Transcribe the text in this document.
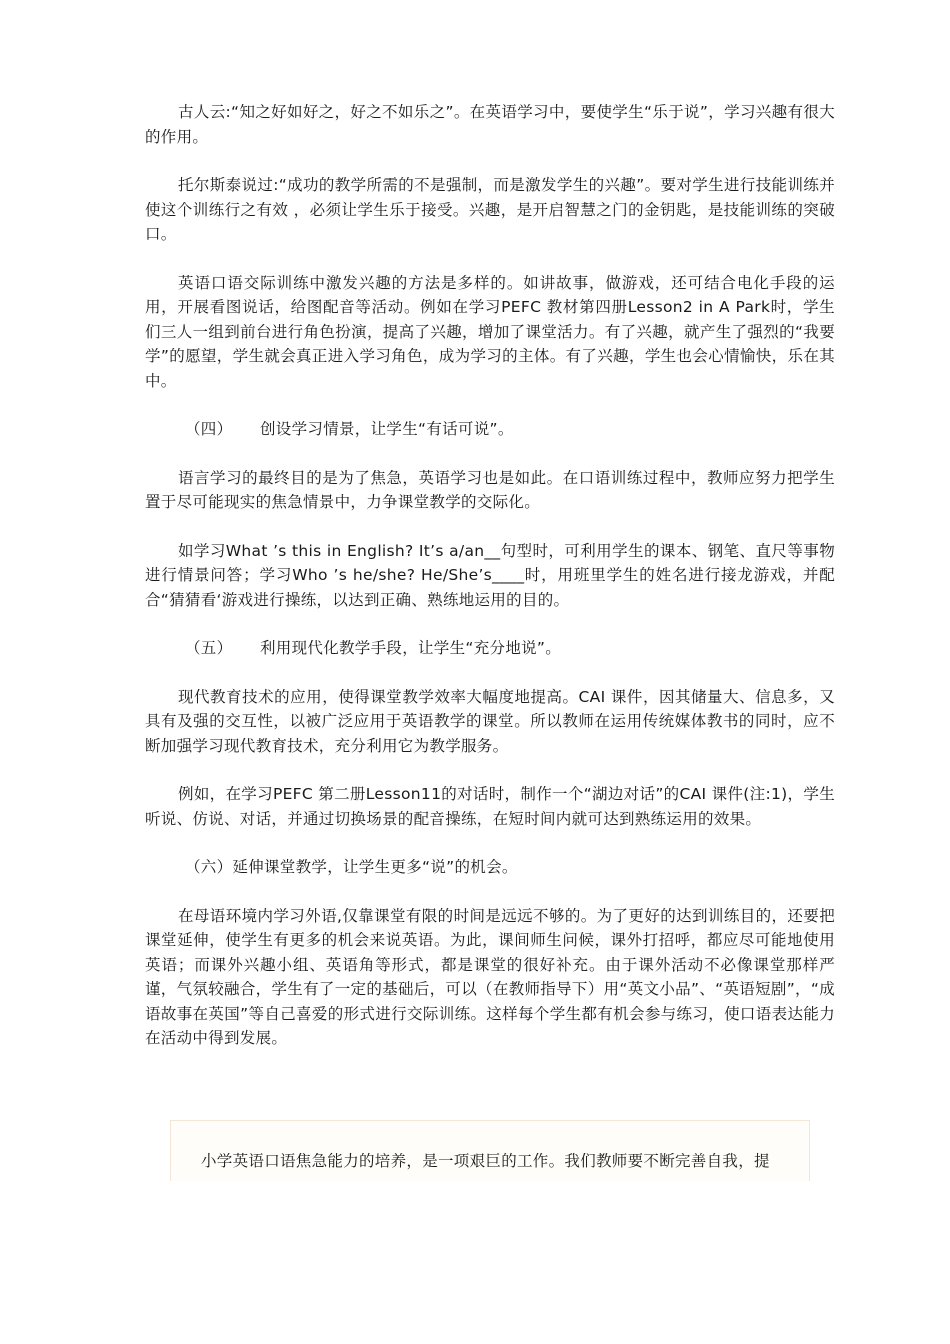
古人云:“知之好如好之，好之不如乐之”。在英语学习中，要使学生“乐于说”，学习兴趣有很大的作用。

托尔斯泰说过:“成功的教学所需的不是强制，而是激发学生的兴趣”。要对学生进行技能训练并使这个训练行之有效 ，必须让学生乐于接受。兴趣，是开启智慧之门的金钥匙，是技能训练的突破口。

英语口语交际训练中激发兴趣的方法是多样的。如讲故事，做游戏，还可结合电化手段的运用，开展看图说话，给图配音等活动。例如在学习PEFC 教材第四册Lesson2 in A Park时，学生们三人一组到前台进行角色扮演，提高了兴趣，增加了课堂活力。有了兴趣，就产生了强烈的“我要学”的愿望，学生就会真正进入学习角色，成为学习的主体。有了兴趣，学生也会心情愉快，乐在其中。

（四） 创设学习情景，让学生“有话可说”。

语言学习的最终目的是为了焦急，英语学习也是如此。在口语训练过程中，教师应努力把学生置于尽可能现实的焦急情景中，力争课堂教学的交际化。

如学习What ’s this in English? It’s a/an__句型时，可利用学生的课本、钢笔、直尺等事物进行情景问答；学习Who ’s he/she? He/She’s____时，用班里学生的姓名进行接龙游戏，并配合“猜猜看‘游戏进行操练，以达到正确、熟练地运用的目的。

（五） 利用现代化教学手段，让学生“充分地说”。

现代教育技术的应用，使得课堂教学效率大幅度地提高。CAI 课件，因其储量大、信息多，又具有及强的交互性，以被广泛应用于英语教学的课堂。所以教师在运用传统媒体教书的同时，应不断加强学习现代教育技术，充分利用它为教学服务。

例如，在学习PEFC 第二册Lesson11的对话时，制作一个“湖边对话”的CAI 课件(注:1)，学生听说、仿说、对话，并通过切换场景的配音操练，在短时间内就可达到熟练运用的效果。

（六）延伸课堂教学，让学生更多“说”的机会。

在母语环境内学习外语,仅靠课堂有限的时间是远远不够的。为了更好的达到训练目的，还要把课堂延伸，使学生有更多的机会来说英语。为此，课间师生问候，课外打招呼，都应尽可能地使用英语；而课外兴趣小组、英语角等形式，都是课堂的很好补充。由于课外活动不必像课堂那样严谨，气氛较融合，学生有了一定的基础后，可以（在教师指导下）用“英文小品”、“英语短剧”，“成语故事在英国”等自己喜爱的形式进行交际训练。这样每个学生都有机会参与练习，使口语表达能力在活动中得到发展。

小学英语口语焦急能力的培养，是一项艰巨的工作。我们教师要不断完善自我，提
